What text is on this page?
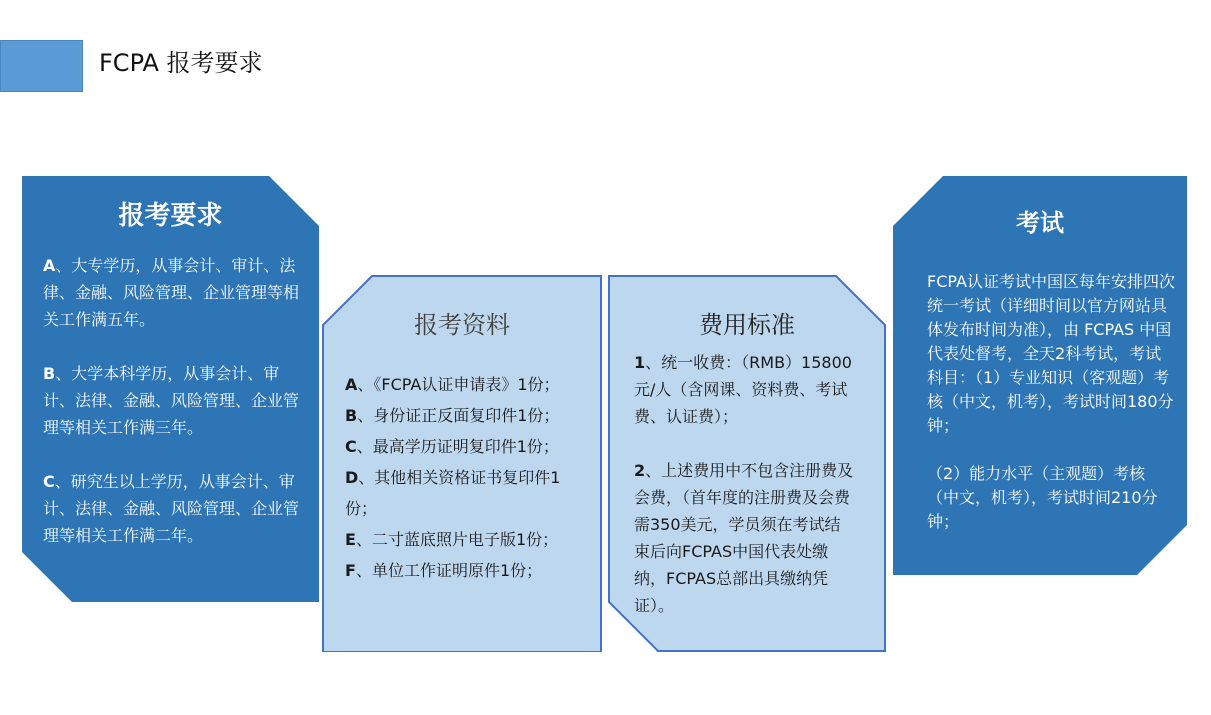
FCPA 报考要求
报考要求

A、大专学历，从事会计、审计、法律、金融、风险管理、企业管理等相关工作满五年。

B、大学本科学历，从事会计、审计、法律、金融、风险管理、企业管理等相关工作满三年。

C、研究生以上学历，从事会计、审计、法律、金融、风险管理、企业管理等相关工作满二年。

报考资料
A、《FCPA认证申请表》1份；
B、身份证正反面复印件1份；
C、最高学历证明复印件1份；
D、其他相关资格证书复印件1份；
E、二寸蓝底照片电子版1份；
F、单位工作证明原件1份；
费用标准

1、统一收费：（RMB）15800元/人（含网课、资料费、考试费、认证费）；

2、上述费用中不包含注册费及会费，（首年度的注册费及会费需350美元，学员须在考试结束后向FCPAS中国代表处缴纳，FCPAS总部出具缴纳凭证）。

考试

FCPA认证考试中国区每年安排四次统一考试（详细时间以官方网站具体发布时间为准），由 FCPAS 中国代表处督考，全天2科考试，考试科目：（1）专业知识（客观题）考核（中文，机考），考试时间180分钟；

（2）能力水平（主观题）考核（中文，机考），考试时间210分钟；
